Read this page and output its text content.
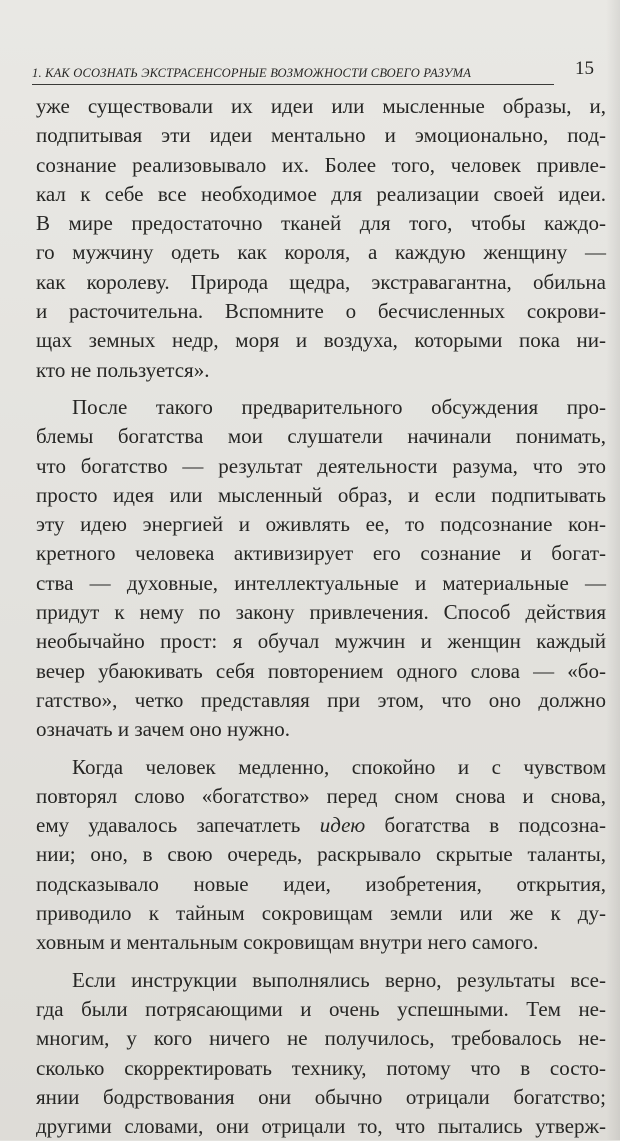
1. КАК ОСОЗНАТЬ ЭКСТРАСЕНСОРНЫЕ ВОЗМОЖНОСТИ СВОЕГО РАЗУМА	15
уже существовали их идеи или мысленные образы, и,
подпитывая эти идеи ментально и эмоционально, под-
сознание реализовывало их. Более того, человек привле-
кал к себе все необходимое для реализации своей идеи.
В мире предостаточно тканей для того, чтобы каждо-
го мужчину одеть как короля, а каждую женщину —
как королеву. Природа щедра, экстравагантна, обильна
и расточительна. Вспомните о бесчисленных сокрови-
щах земных недр, моря и воздуха, которыми пока ни-
кто не пользуется».
После такого предварительного обсуждения про-
блемы богатства мои слушатели начинали понимать,
что богатство — результат деятельности разума, что это
просто идея или мысленный образ, и если подпитывать
эту идею энергией и оживлять ее, то подсознание кон-
кретного человека активизирует его сознание и богат-
ства — духовные, интеллектуальные и материальные —
придут к нему по закону привлечения. Способ действия
необычайно прост: я обучал мужчин и женщин каждый
вечер убаюкивать себя повторением одного слова — «бо-
гатство», четко представляя при этом, что оно должно
означать и зачем оно нужно.
Когда человек медленно, спокойно и с чувством
повторял слово «богатство» перед сном снова и снова,
ему удавалось запечатлеть идею богатства в подсозна-
нии; оно, в свою очередь, раскрывало скрытые таланты,
подсказывало новые идеи, изобретения, открытия,
приводило к тайным сокровищам земли или же к ду-
ховным и ментальным сокровищам внутри него самого.
Если инструкции выполнялись верно, результаты все-
гда были потрясающими и очень успешными. Тем не-
многим, у кого ничего не получилось, требовалось не-
сколько скорректировать технику, потому что в состо-
янии бодрствования они обычно отрицали богатство;
другими словами, они отрицали то, что пытались утверж-
